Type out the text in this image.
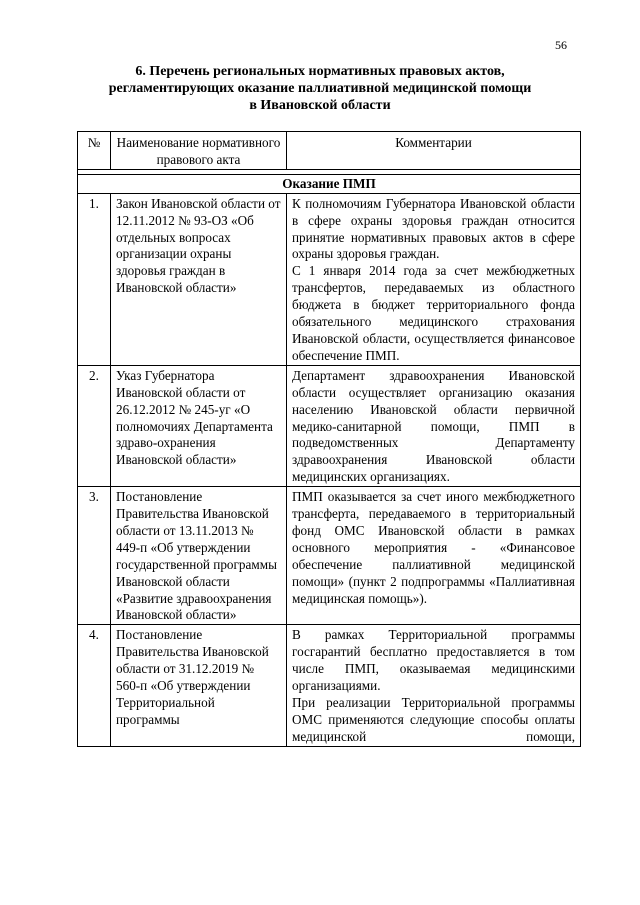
56
6. Перечень региональных нормативных правовых актов,
регламентирующих оказание паллиативной медицинской помощи
в Ивановской области
№	Наименование нормативного правового акта	Комментарии

Оказание ПМП		
1.	Закон Ивановской области от 12.11.2012 № 93-ОЗ «Об отдельных вопросах организации охраны здоровья граждан в Ивановской области»	К полномочиям Губернатора Ивановской области в сфере охраны здоровья граждан относится принятие нормативных правовых актов в сфере охраны здоровья граждан.

С 1 января 2014 года за счет межбюджетных трансфертов, передаваемых из областного бюджета в бюджет территориального фонда обязательного медицинского страхования Ивановской области, осуществляется финансовое обеспечение ПМП.

2.	Указ Губернатора Ивановской области от 26.12.2012 № 245-уг «О полномочиях Департамента здраво-охранения Ивановской области»	Департамент здравоохранения Ивановской области осуществляет организацию оказания населению Ивановской области первичной медико-санитарной помощи, ПМП в подведомственных Департаменту здравоохранения Ивановской области медицинских организациях.

3.	Постановление Правительства Ивановской области от 13.11.2013 № 449-п «Об утверждении государственной программы Ивановской области «Развитие здравоохранения Ивановской области»	ПМП оказывается за счет иного межбюджетного трансферта, передаваемого в территориальный фонд ОМС Ивановской области в рамках основного мероприятия - «Финансовое обеспечение паллиативной медицинской помощи» (пункт 2 подпрограммы «Паллиативная медицинская помощь»).

4.	Постановление Правительства Ивановской области от 31.12.2019 № 560-п «Об утверждении Территориальной программы	В рамках Территориальной программы госгарантий бесплатно предоставляется в том числе ПМП, оказываемая медицинскими организациями.

При реализации Территориальной программы ОМС применяются следующие способы оплаты медицинской помощи,
